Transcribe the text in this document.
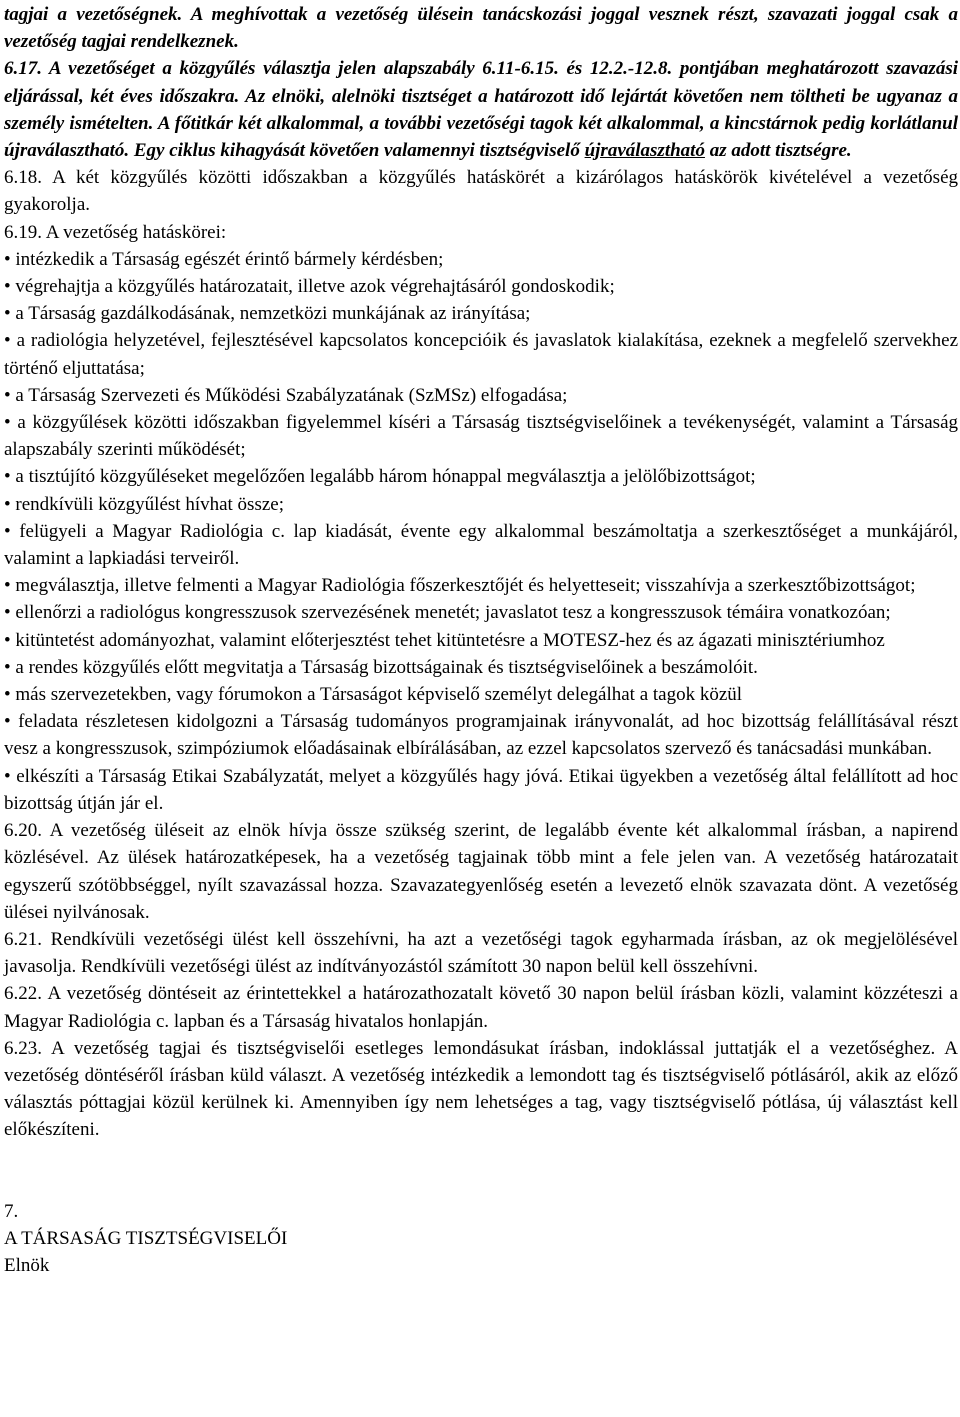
tagjai a vezetőségnek. A meghívottak a vezetőség ülésein tanácskozási joggal vesznek részt, szavazati joggal csak a vezetőség tagjai rendelkeznek.

6.17. A vezetőséget a közgyűlés választja jelen alapszabály 6.11-6.15. és 12.2.-12.8. pontjában meghatározott szavazási eljárással, két éves időszakra. Az elnöki, alelnöki tisztséget a határozott idő lejártát követően nem töltheti be ugyanaz a személy ismételten. A főtitkár két alkalommal, a további vezetőségi tagok két alkalommal, a kincstárnok pedig korlátlanul újraválasztható. Egy ciklus kihagyását követően valamennyi tisztségviselő újraválasztható az adott tisztségre.

6.18. A két közgyűlés közötti időszakban a közgyűlés hatáskörét a kizárólagos hatáskörök kivételével a vezetőség gyakorolja.

6.19. A vezetőség hatáskörei:

• intézkedik a Társaság egészét érintő bármely kérdésben;

• végrehajtja a közgyűlés határozatait, illetve azok végrehajtásáról gondoskodik;

• a Társaság gazdálkodásának, nemzetközi munkájának az irányítása;

• a radiológia helyzetével, fejlesztésével kapcsolatos koncepcióik és javaslatok kialakítása, ezeknek a megfelelő szervekhez történő eljuttatása;

• a Társaság Szervezeti és Működési Szabályzatának (SzMSz) elfogadása;

• a közgyűlések közötti időszakban figyelemmel kíséri a Társaság tisztségviselőinek a tevékenységét, valamint a Társaság alapszabály szerinti működését;

• a tisztújító közgyűléseket megelőzően legalább három hónappal megválasztja a jelölőbizottságot;

• rendkívüli közgyűlést hívhat össze;

• felügyeli a Magyar Radiológia c. lap kiadását, évente egy alkalommal beszámoltatja a szerkesztőséget a munkájáról, valamint a lapkiadási terveiről.

• megválasztja, illetve felmenti a Magyar Radiológia főszerkesztőjét és helyetteseit; visszahívja a szerkesztőbizottságot;

• ellenőrzi a radiológus kongresszusok szervezésének menetét; javaslatot tesz a kongresszusok témáira vonatkozóan;

• kitüntetést adományozhat, valamint előterjesztést tehet kitüntetésre a MOTESZ-hez és az ágazati minisztériumhoz

• a rendes közgyűlés előtt megvitatja a Társaság bizottságainak és tisztségviselőinek a beszámolóit.

• más szervezetekben, vagy fórumokon a Társaságot képviselő személyt delegálhat a tagok közül

• feladata részletesen kidolgozni a Társaság tudományos programjainak irányvonalát, ad hoc bizottság felállításával részt vesz a kongresszusok, szimpóziumok előadásainak elbírálásában, az ezzel kapcsolatos szervező és tanácsadási munkában.

• elkészíti a Társaság Etikai Szabályzatát, melyet a közgyűlés hagy jóvá. Etikai ügyekben a vezetőség által felállított ad hoc bizottság útján jár el.

6.20. A vezetőség üléseit az elnök hívja össze szükség szerint, de legalább évente két alkalommal írásban, a napirend közlésével. Az ülések határozatképesek, ha a vezetőség tagjainak több mint a fele jelen van. A vezetőség határozatait egyszerű szótöbbséggel, nyílt szavazással hozza. Szavazategyenlőség esetén a levezető elnök szavazata dönt. A vezetőség ülései nyilvánosak.

6.21. Rendkívüli vezetőségi ülést kell összehívni, ha azt a vezetőségi tagok egyharmada írásban, az ok megjelölésével javasolja. Rendkívüli vezetőségi ülést az indítványozástól számított 30 napon belül kell összehívni.

6.22. A vezetőség döntéseit az érintettekkel a határozathozatalt követő 30 napon belül írásban közli, valamint közzéteszi a Magyar Radiológia c. lapban és a Társaság hivatalos honlapján.

6.23. A vezetőség tagjai és tisztségviselői esetleges lemondásukat írásban, indoklással juttatják el a vezetőséghez. A vezetőség döntéséről írásban küld választ. A vezetőség intézkedik a lemondott tag és tisztségviselő pótlásáról, akik az előző választás póttagjai közül kerülnek ki. Amennyiben így nem lehetséges a tag, vagy tisztségviselő pótlása, új választást kell előkészíteni.

7.

A TÁRSASÁG TISZTSÉGVISELŐI

Elnök
